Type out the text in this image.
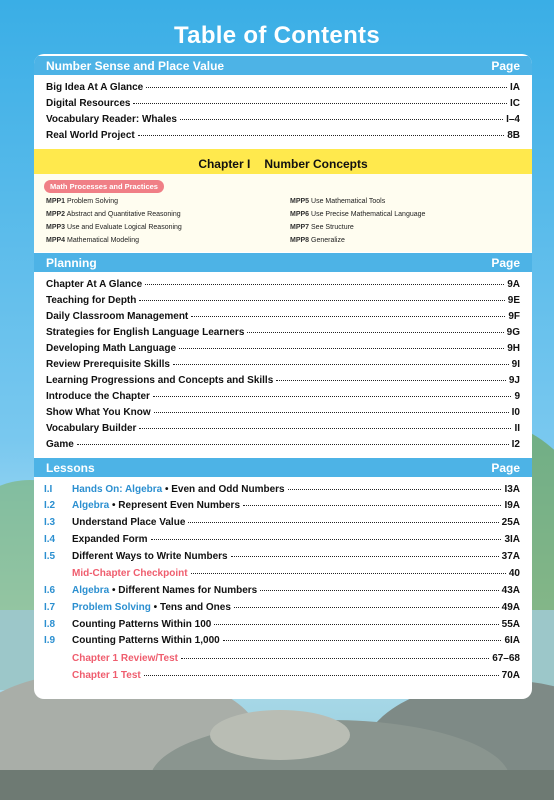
Table of Contents
Number Sense and Place Value	Page
Big Idea At A Glance	IA
Digital Resources	IC
Vocabulary Reader: Whales	I–4
Real World Project	8B
$_{Chapter I Number Concepts}$
Math Processes and Practices
MPP1 Problem Solving
MPP2 Abstract and Quantitative Reasoning
MPP3 Use and Evaluate Logical Reasoning
MPP4 Mathematical Modeling
MPP5 Use Mathematical Tools
MPP6 Use Precise Mathematical Language
MPP7 See Structure
MPP8 Generalize
Planning	Page
Chapter At A Glance	9A
Teaching for Depth	9E
Daily Classroom Management	9F
Strategies for English Language Learners	9G
Developing Math Language	9H
Review Prerequisite Skills	9I
Learning Progressions and Concepts and Skills	9J
Introduce the Chapter	9
Show What You Know	I0
Vocabulary Builder	II
Game	I2
Lessons	Page
I.I	Hands On: Algebra • Even and Odd Numbers	I3A
I.2	Algebra • Represent Even Numbers	I9A
I.3	Understand Place Value	25A
I.4	Expanded Form	3IA
I.5	Different Ways to Write Numbers	37A
Mid-Chapter Checkpoint	40
I.6	Algebra • Different Names for Numbers	43A
I.7	Problem Solving • Tens and Ones	49A
I.8	Counting Patterns Within 100	55A
I.9	Counting Patterns Within 1,000	6IA
Chapter 1 Review/Test	67–68
Chapter 1 Test	70A
